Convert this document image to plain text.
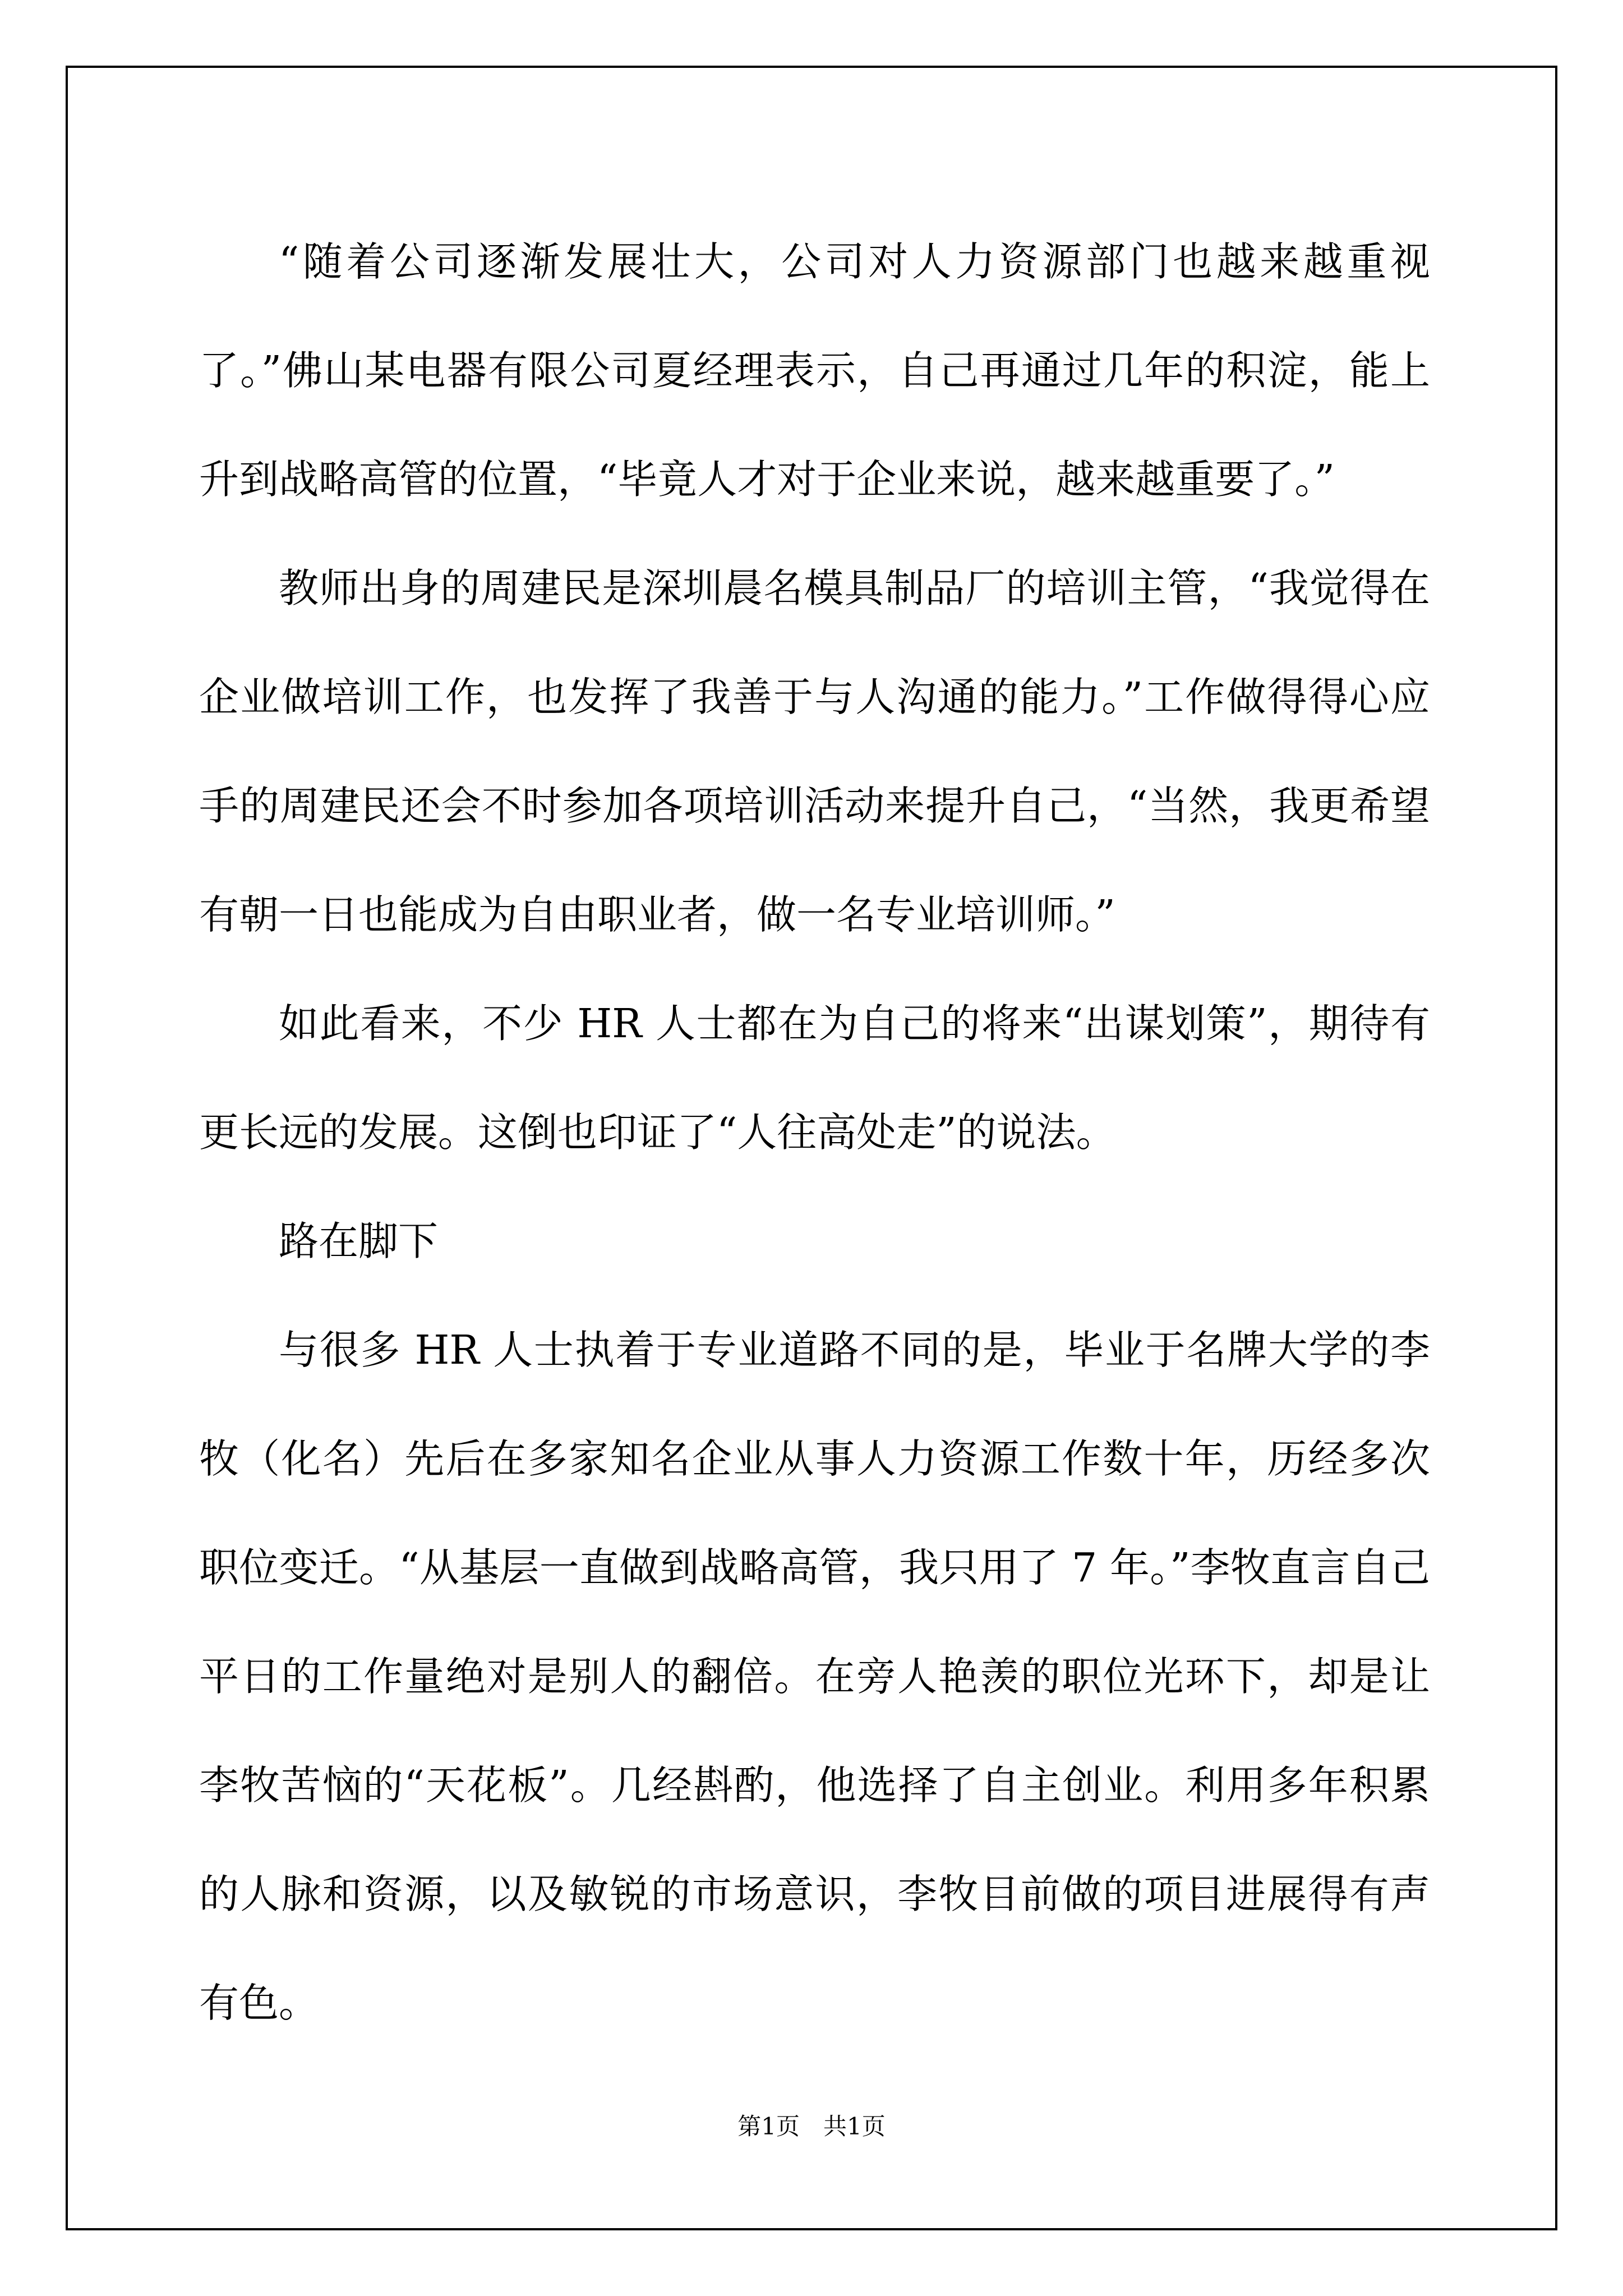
“随着公司逐渐发展壮大，公司对人力资源部门也越来越重视了。”佛山某电器有限公司夏经理表示，自己再通过几年的积淀，能上升到战略高管的位置，“毕竟人才对于企业来说，越来越重要了。”

教师出身的周建民是深圳晨名模具制品厂的培训主管，“我觉得在企业做培训工作，也发挥了我善于与人沟通的能力。”工作做得得心应手的周建民还会不时参加各项培训活动来提升自己，“当然，我更希望有朝一日也能成为自由职业者，做一名专业培训师。”

如此看来，不少 HR 人士都在为自己的将来“出谋划策”，期待有更长远的发展。这倒也印证了“人往高处走”的说法。

路在脚下

与很多 HR 人士执着于专业道路不同的是，毕业于名牌大学的李牧（化名）先后在多家知名企业从事人力资源工作数十年，历经多次职位变迁。“从基层一直做到战略高管，我只用了 7 年。”李牧直言自己平日的工作量绝对是别人的翻倍。在旁人艳羡的职位光环下，却是让李牧苦恼的“天花板”。几经斟酌，他选择了自主创业。利用多年积累的人脉和资源，以及敏锐的市场意识，李牧目前做的项目进展得有声有色。

第1页　共1页
